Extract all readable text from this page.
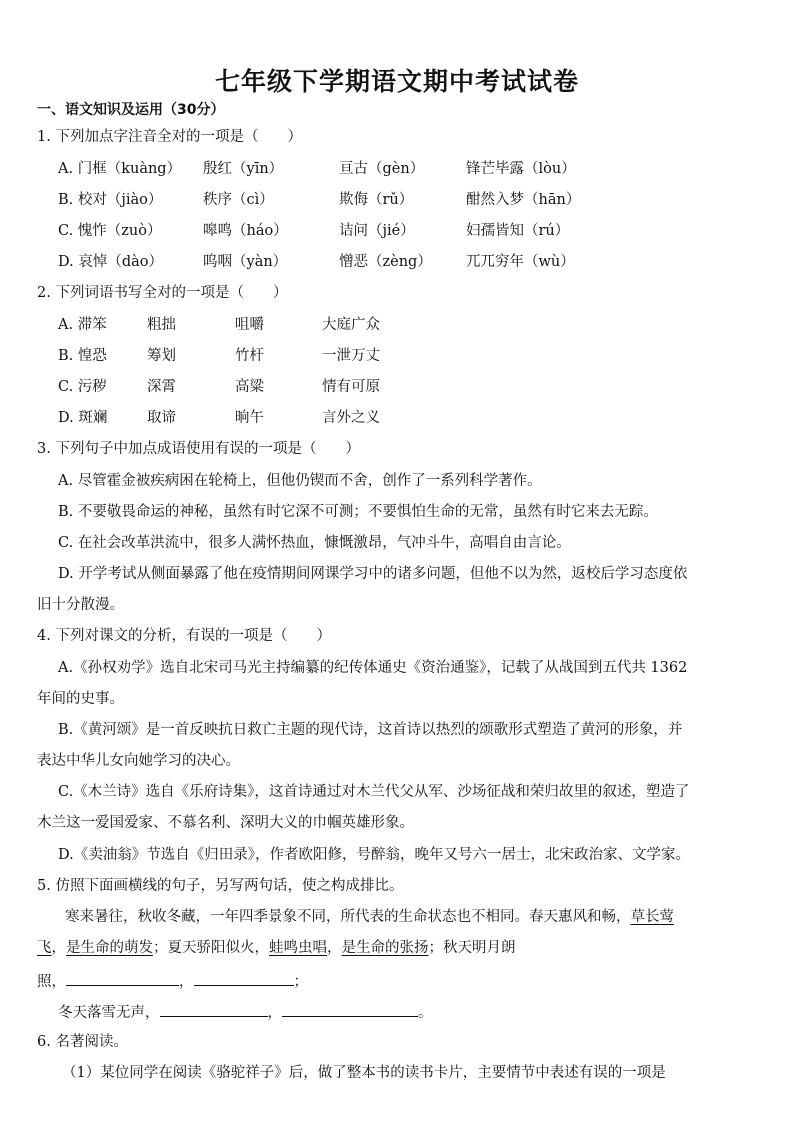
七年级下学期语文期中考试试卷
一、语文知识及运用（30分）
1. 下列加点字注音全对的一项是（　　）
A. 门框（kuàng） 殷红（yīn）	亘古（gèn）	锋芒毕露（lòu）
B. 校对（jiào）	秩序（cì）	欺侮（rǔ）	酣然入梦（hān）
C. 愧怍（zuò）	嗥鸣（háo）	诘问（jié）	妇孺皆知（rú）
D. 哀悼（dào）	呜咽（yàn）	憎恶（zèng） 兀兀穷年（wù）
2. 下列词语书写全对的一项是（　　）
A. 滞笨	粗拙	咀嚼	大庭广众
B. 惶恐	筹划	竹杆	一泄万丈
C. 污秽	深霄	高粱	情有可原
D. 斑斓	取谛	晌午	言外之义
3. 下列句子中加点成语使用有误的一项是（　　）
A. 尽管霍金被疾病困在轮椅上，但他仍锲而不舍，创作了一系列科学著作。
B. 不要敬畏命运的神秘，虽然有时它深不可测；不要惧怕生命的无常，虽然有时它来去无踪。
C. 在社会改革洪流中，很多人满怀热血，慷慨激昂，气冲斗牛，高唱自由言论。
D. 开学考试从侧面暴露了他在疫情期间网课学习中的诸多问题，但他不以为然，返校后学习态度依
旧十分散漫。
4. 下列对课文的分析，有误的一项是（　　）
A.《孙权劝学》选自北宋司马光主持编纂的纪传体通史《资治通鉴》，记载了从战国到五代共 1362
年间的史事。
B.《黄河颂》是一首反映抗日救亡主题的现代诗，这首诗以热烈的颂歌形式塑造了黄河的形象，并
表达中华儿女向她学习的决心。
C.《木兰诗》选自《乐府诗集》，这首诗通过对木兰代父从军、沙场征战和荣归故里的叙述，塑造了
木兰这一爱国爱家、不慕名利、深明大义的巾帼英雄形象。
D.《卖油翁》节选自《归田录》，作者欧阳修，号醉翁，晚年又号六一居士，北宋政治家、文学家。
5. 仿照下面画横线的句子，另写两句话，使之构成排比。
寒来暑往，秋收冬藏，一年四季景象不同，所代表的生命状态也不相同。春天惠风和畅，草长莺
飞，是生命的萌发；夏天骄阳似火，蛙鸣虫唱，是生命的张扬；秋天明月朗
照，	，	；
冬天落雪无声，	，	。
6. 名著阅读。
（1）某位同学在阅读《骆驼祥子》后，做了整本书的读书卡片，主要情节中表述有误的一项是
